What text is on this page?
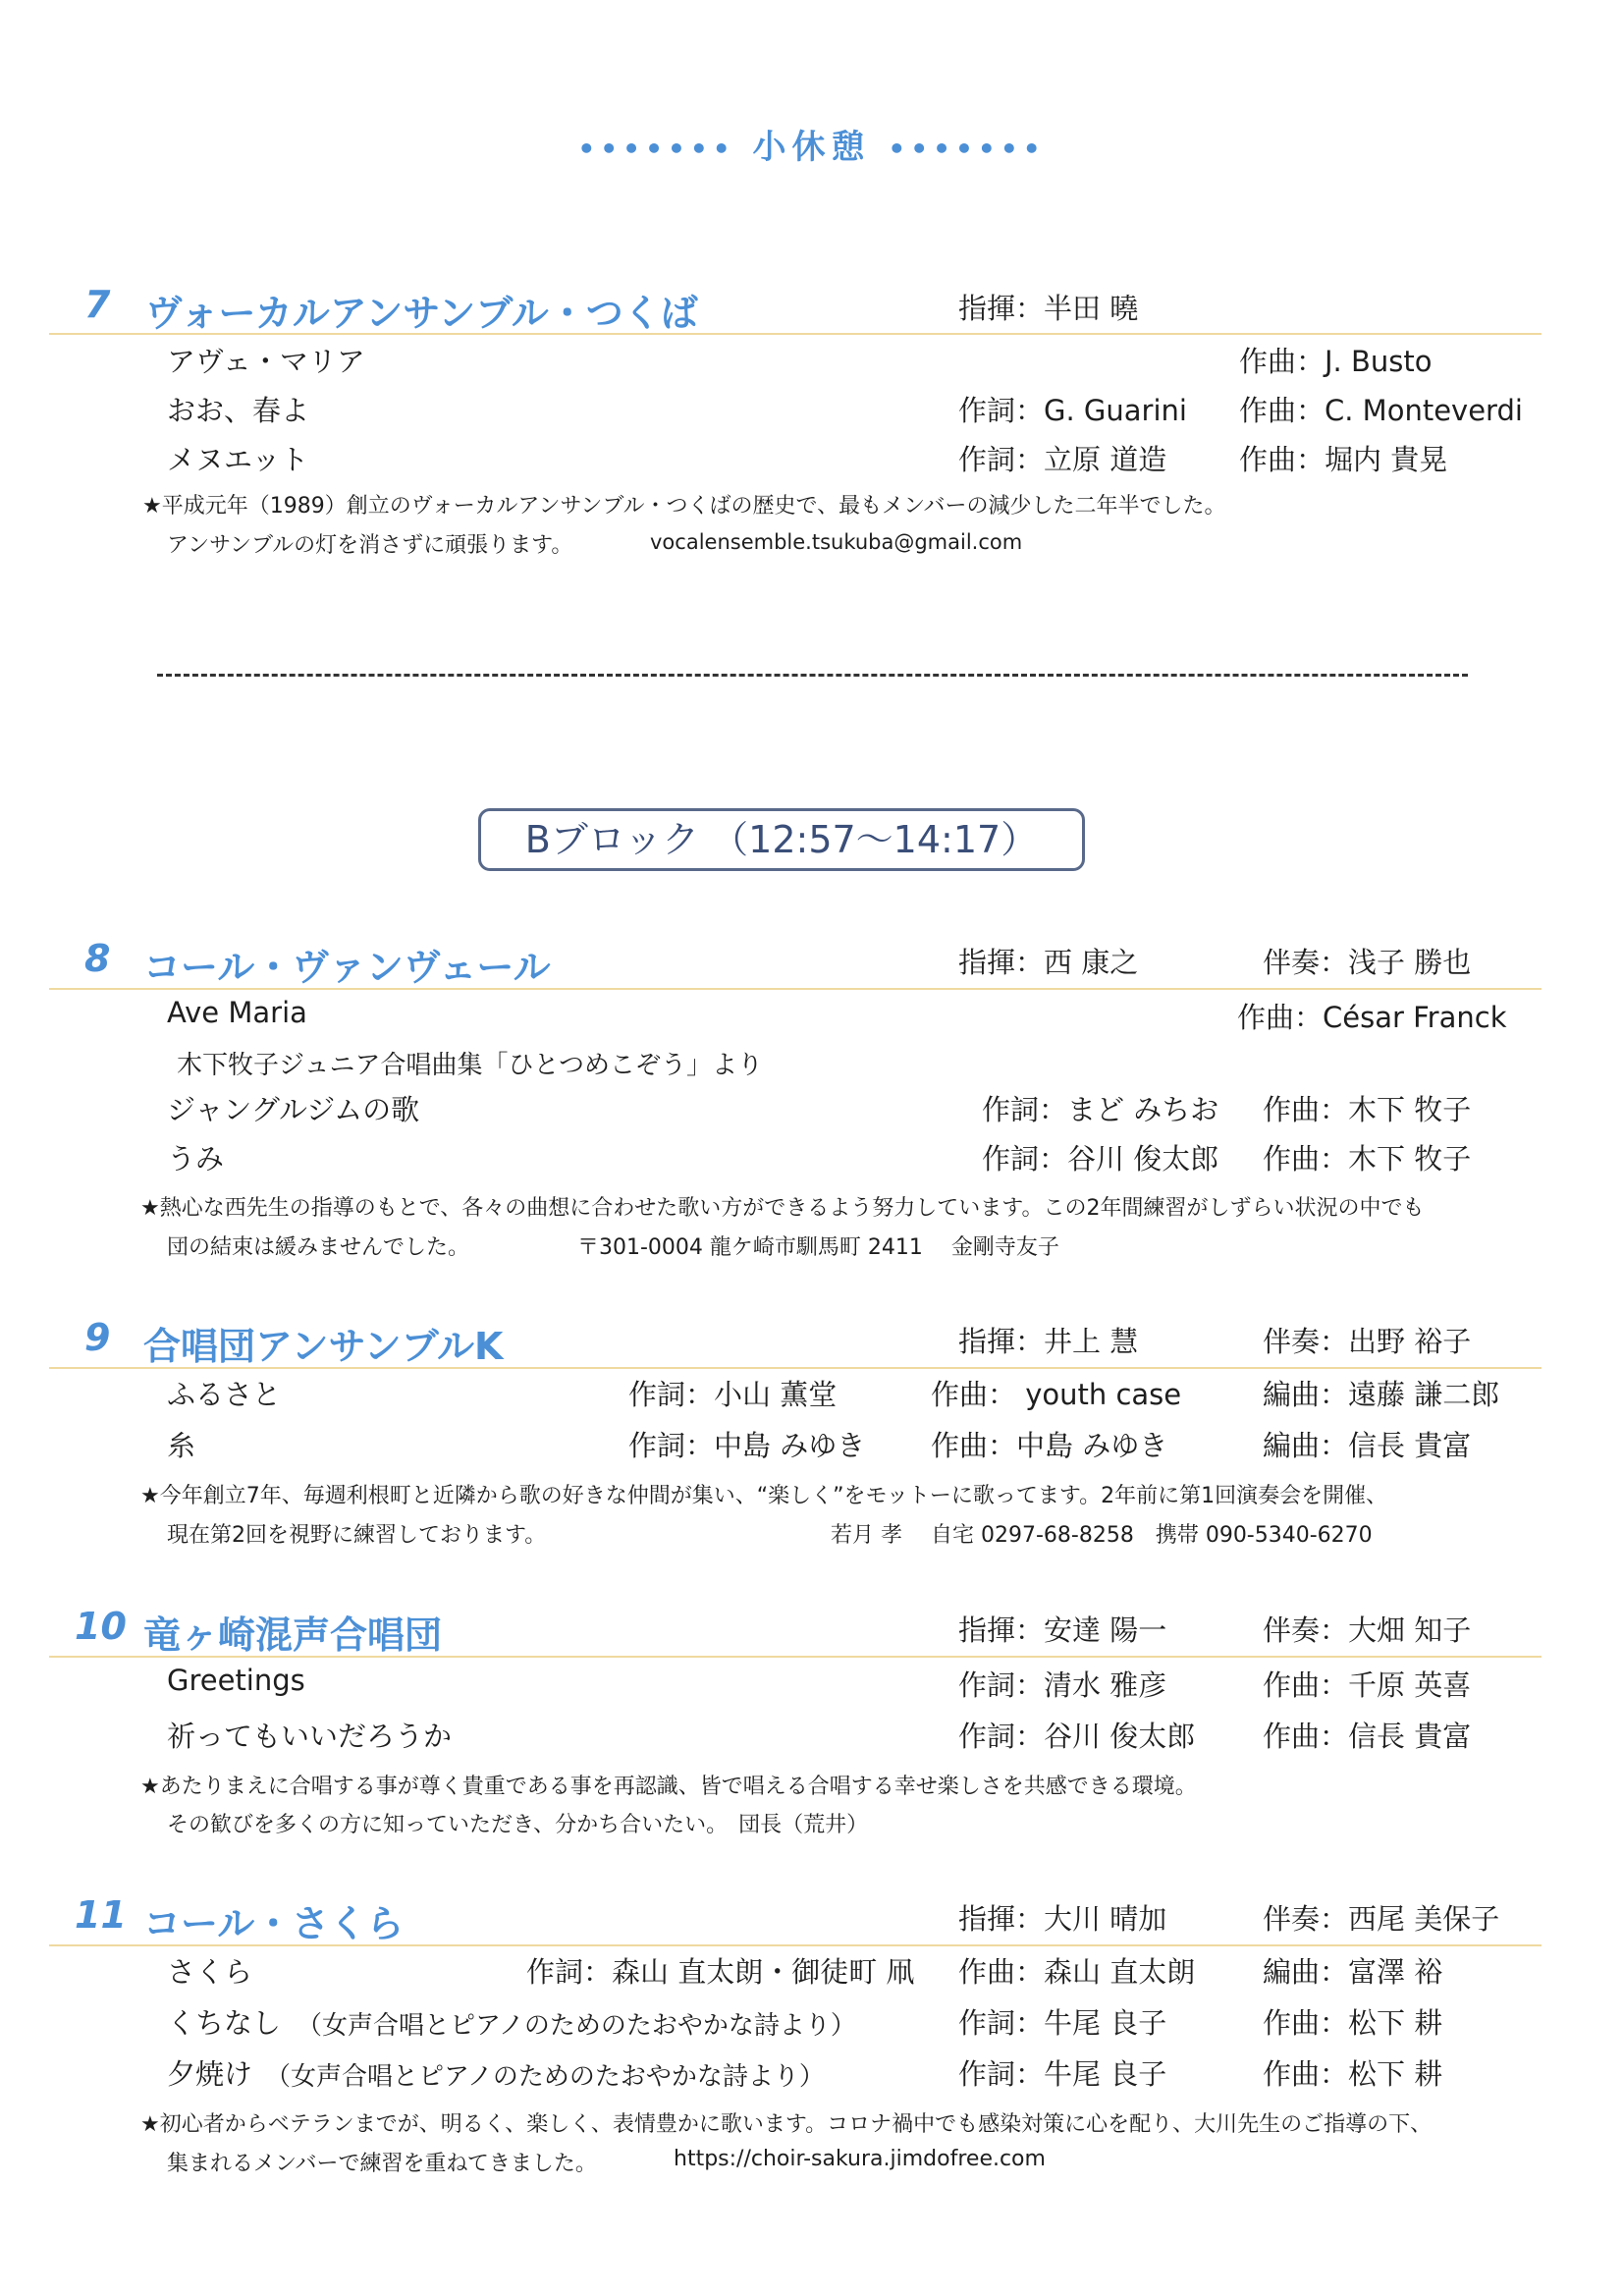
••••••• 小休憩 •••••••
7 ヴォーカルアンサンブル・つくば	指揮：半田 曉
アヴェ・マリア	作曲：J. Busto
おお、春よ	作詞：G. Guarini 作曲：C. Monteverdi
メヌエット	作詞：立原 道造	作曲：堀内 貴晃
★平成元年（1989）創立のヴォーカルアンサンブル・つくばの歴史で、最もメンバーの減少した二年半でした。
アンサンブルの灯を消さずに頑張ります。	vocalensemble.tsukuba@gmail.com
Bブロック （12:57～14:17）
8 コール・ヴァンヴェール	指揮：西 康之	伴奏：浅子 勝也
Ave Maria	作曲：César Franck
木下牧子ジュニア合唱曲集「ひとつめこぞう」より
ジャングルジムの歌	作詞：まど みちお 作曲：木下 牧子
うみ	作詞：谷川 俊太郎 作曲：木下 牧子
★熱心な西先生の指導のもとで、各々の曲想に合わせた歌い方ができるよう努力しています。この2年間練習がしずらい状況の中でも
団の結束は緩みませんでした。	〒301-0004 龍ケ崎市馴馬町 2411　 金剛寺友子
9 合唱団アンサンブルK	指揮：井上 慧	伴奏：出野 裕子
ふるさと	作詞：小山 薫堂	作曲： youth case	編曲：遠藤 謙二郎
糸	作詞：中島 みゆき 作曲：中島 みゆき	編曲：信長 貴富
★今年創立7年、毎週利根町と近隣から歌の好きな仲間が集い、“楽しく”をモットーに歌ってます。2年前に第1回演奏会を開催、
現在第2回を視野に練習しております。	若月 孝　 自宅 0297-68-8258　携帯 090-5340-6270
10 竜ヶ崎混声合唱団	指揮：安達 陽一	伴奏：大畑 知子
Greetings	作詞：清水 雅彦	作曲：千原 英喜
祈ってもいいだろうか	作詞：谷川 俊太郎 作曲：信長 貴富
★あたりまえに合唱する事が尊く貴重である事を再認識、皆で唱える合唱する幸せ楽しさを共感できる環境。
その歓びを多くの方に知っていただき、分かち合いたい。　団長（荒井）
11 コール・さくら	指揮：大川 晴加	伴奏：西尾 美保子
さくら	作詞：森山 直太朗・御徒町 凧 作曲：森山 直太朗 編曲：富澤 裕
くちなし （女声合唱とピアノのためのたおやかな詩より）	作詞：牛尾 良子	作曲：松下 耕
夕焼け （女声合唱とピアノのためのたおやかな詩より）	作詞：牛尾 良子	作曲：松下 耕
★初心者からベテランまでが、明るく、楽しく、表情豊かに歌います。コロナ禍中でも感染対策に心を配り、大川先生のご指導の下、
集まれるメンバーで練習を重ねてきました。	https://choir-sakura.jimdofree.com
